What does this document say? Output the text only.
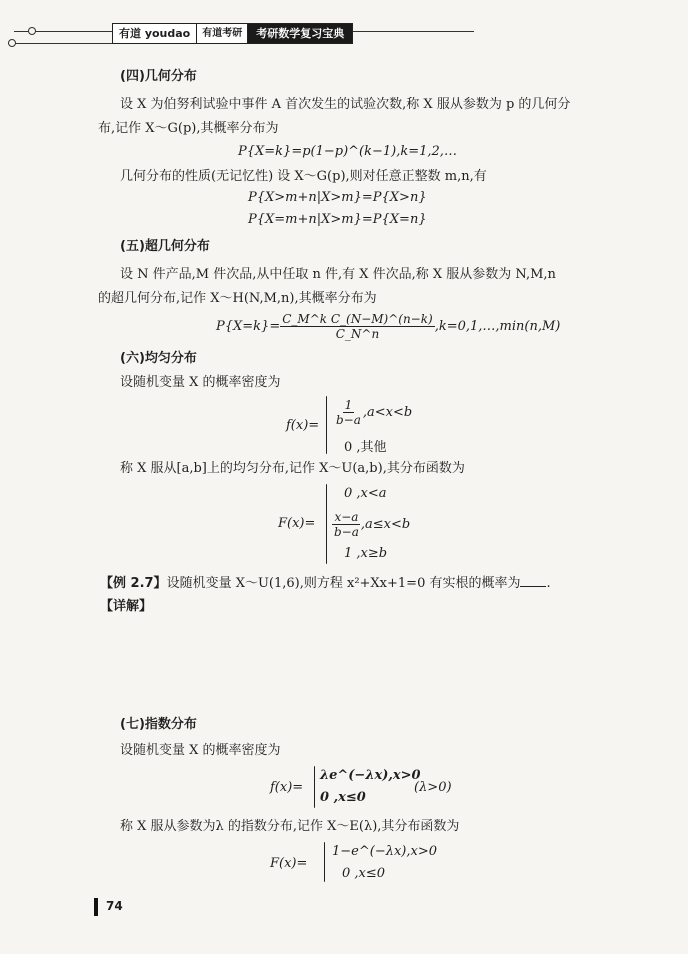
有道 youdao	有道考研	考研数学复习宝典
(四)几何分布
设 X 为伯努利试验中事件 A 首次发生的试验次数,称 X 服从参数为 p 的几何分
布,记作 X～G(p),其概率分布为
P{X=k}=p(1−p)^(k−1),k=1,2,…
几何分布的性质(无记忆性) 设 X～G(p),则对任意正整数 m,n,有
P{X>m+n|X>m}=P{X>n}
P{X=m+n|X>m}=P{X=n}
(五)超几何分布
设 N 件产品,M 件次品,从中任取 n 件,有 X 件次品,称 X 服从参数为 N,M,n
的超几何分布,记作 X～H(N,M,n),其概率分布为
$P\{X=k\}= \frac{\text{C\_M\textasciicircum{}k C\_(N−M)\textasciicircum{}(n−k)}}{C\_N\^{}n}$ ,k=0,1,…,min(n,M)
(六)均匀分布
设随机变量 X 的概率密度为
$f(x)= \frac{1}{b-a} ,a<x<b$
0 ,其他
称 X 服从[a,b]上的均匀分布,记作 X～U(a,b),其分布函数为
F(x)=
0 ,x<a
$\frac{x-a}{b-a} ,a\le x<b$
1 ,x≥b
【例 2.7】设随机变量 X～U(1,6),则方程 x²+Xx+1=0 有实根的概率为 .
【详解】
(七)指数分布
设随机变量 X 的概率密度为
f(x)=
λe^(−λx),x>0
0 ,x≤0
(λ>0)
称 X 服从参数为λ 的指数分布,记作 X～E(λ),其分布函数为
F(x)=
1−e^(−λx),x>0
0 ,x≤0
74
